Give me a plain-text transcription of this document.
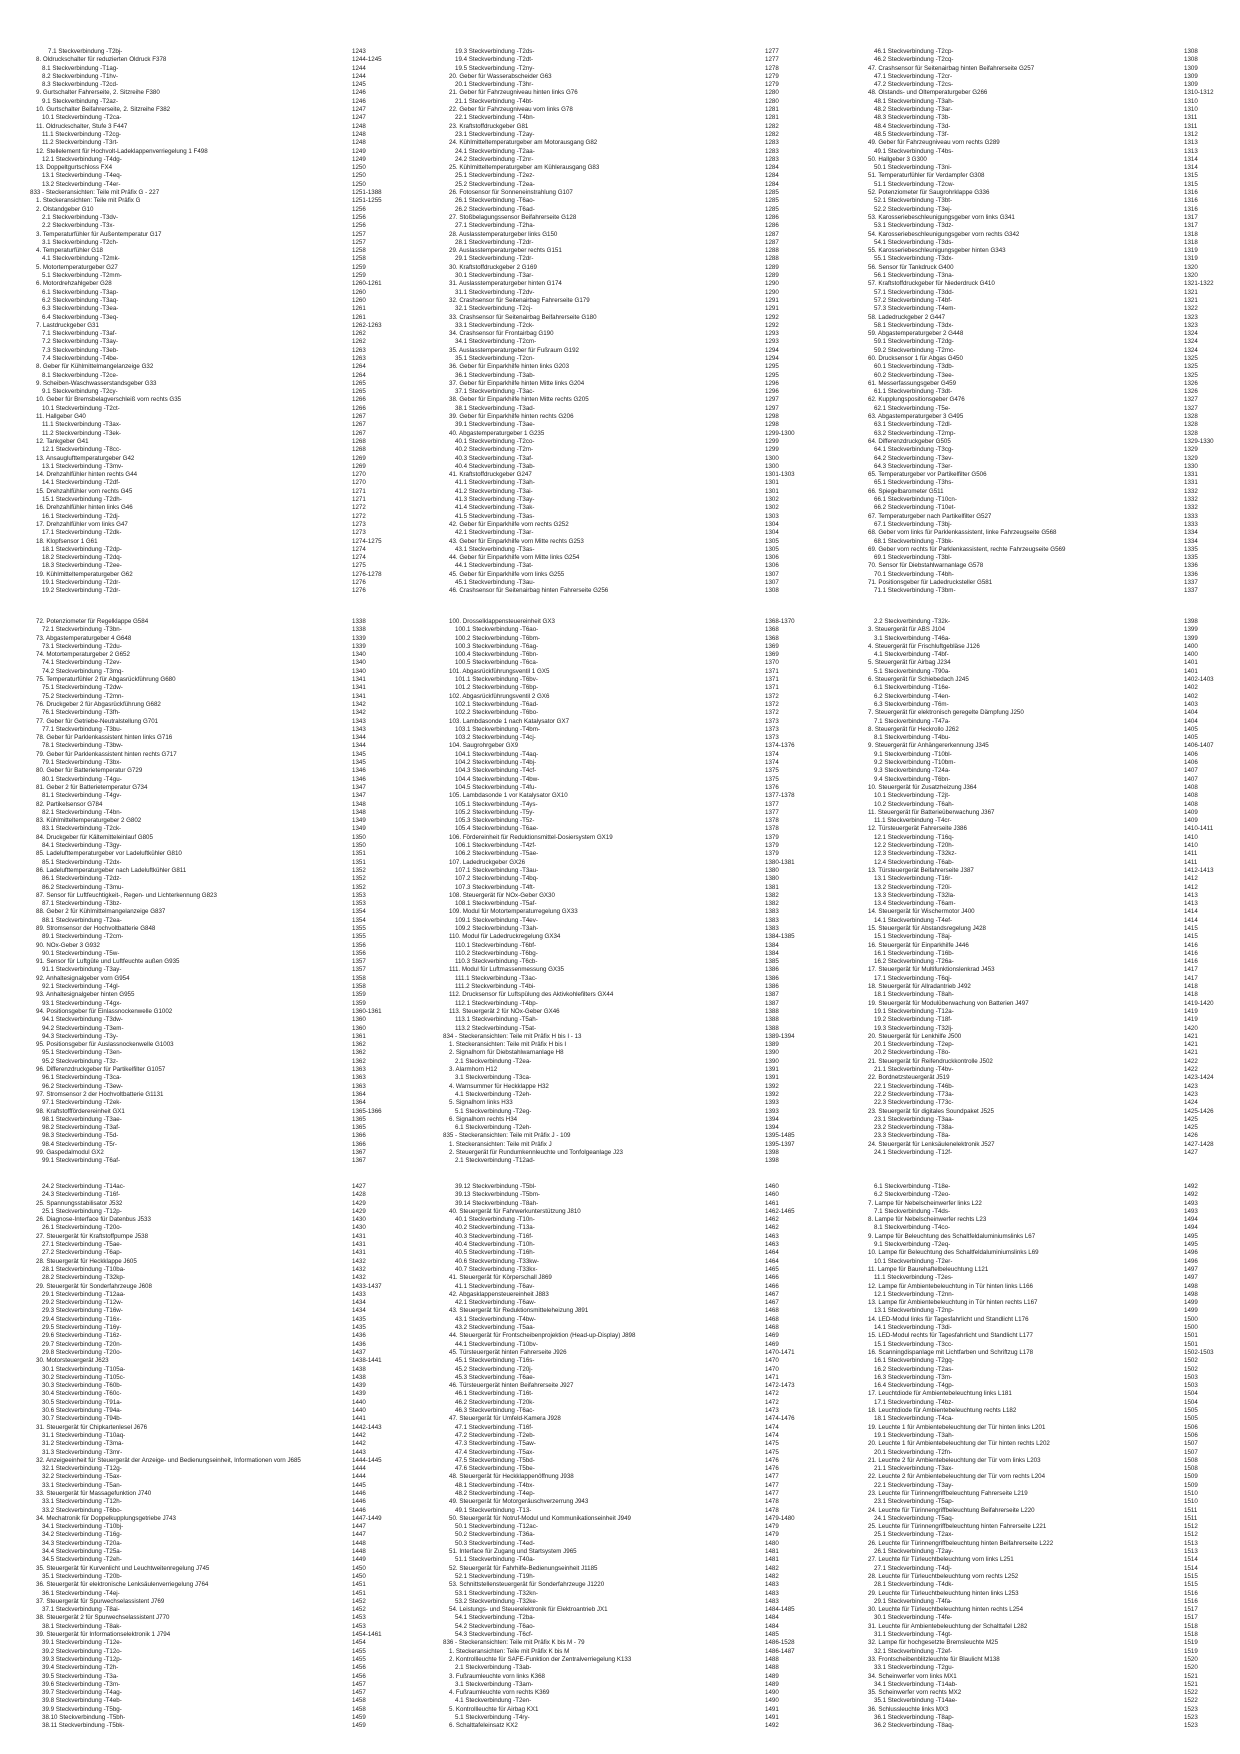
7.1 Steckverbindung -T2bj-	1243
8. Öldruckschalter für reduzierten Öldruck F378	1244-1245
8.1 Steckverbindung -T1ag-	1244
8.2 Steckverbindung -T1hv-	1244
8.3 Steckverbindung -T2cd-	1245
9. Gurtschalter Fahrerseite, 2. Sitzreihe F380	1246
9.1 Steckverbindung -T2az-	1246
10. Gurtschalter Beifahrerseite, 2. Sitzreihe F382	1247
10.1 Steckverbindung -T2ca-	1247
11. Öldruckschalter, Stufe 3 F447	1248
11.1 Steckverbindung -T2cg-	1248
11.2 Steckverbindung -T3rt-	1248
12. Stellelement für Hochvolt-Ladeklappenverriegelung 1 F498	1249
12.1 Steckverbindung -T4dg-	1249
13. Doppeltgurtschloss FX4	1250
13.1 Steckverbindung -T4eq-	1250
13.2 Steckverbindung -T4er-	1250
833 - Steckeransichten: Teile mit Präfix G - 227	1251-1388
1. Steckeransichten: Teile mit Präfix G	1251-1255
2. Ölstandgeber G10	1256
2.1 Steckverbindung -T3dv-	1256
2.2 Steckverbindung -T3x-	1256
3. Temperaturfühler für Außentemperatur G17	1257
3.1 Steckverbindung -T2ch-	1257
4. Temperaturfühler G18	1258
4.1 Steckverbindung -T2mk-	1258
5. Motortemperaturgeber G27	1259
5.1 Steckverbindung -T2mm-	1259
6. Motordrehzahlgeber G28	1260-1261
6.1 Steckverbindung -T3ap-	1260
6.2 Steckverbindung -T3aq-	1260
6.3 Steckverbindung -T3ea-	1261
6.4 Steckverbindung -T3eq-	1261
7. Lastdruckgeber G31	1262-1263
7.1 Steckverbindung -T3af-	1262
7.2 Steckverbindung -T3ay-	1262
7.3 Steckverbindung -T3eb-	1263
7.4 Steckverbindung -T4be-	1263
8. Geber für Kühlmittelmangelanzeige G32	1264
8.1 Steckverbindung -T2ce-	1264
9. Scheiben-Waschwasserstandsgeber G33	1265
9.1 Steckverbindung -T2cy-	1265
10. Geber für Bremsbelagverschleiß vorn rechts G35	1266
10.1 Steckverbindung -T2ct-	1266
11. Hallgeber G40	1267
11.1 Steckverbindung -T3ax-	1267
11.2 Steckverbindung -T3ek-	1267
12. Tankgeber G41	1268
12.1 Steckverbindung -T8cc-	1268
13. Ansauglufttemperaturgeber G42	1269
13.1 Steckverbindung -T3mv-	1269
14. Drehzahlfühler hinten rechts G44	1270
14.1 Steckverbindung -T2df-	1270
15. Drehzahlfühler vorn rechts G45	1271
15.1 Steckverbindung -T2dh-	1271
16. Drehzahlfühler hinten links G46	1272
16.1 Steckverbindung -T2dj-	1272
17. Drehzahlfühler vorn links G47	1273
17.1 Steckverbindung -T2dk-	1273
18. Klopfsensor 1 G61	1274-1275
18.1 Steckverbindung -T2dp-	1274
18.2 Steckverbindung -T2dq-	1274
18.3 Steckverbindung -T2ee-	1275
19. Kühlmitteltemperaturgeber G62	1276-1278
19.1 Steckverbindung -T2dr-	1276
19.2 Steckverbindung -T2dr-	1276
19.3 Steckverbindung -T2ds-	1277
19.4 Steckverbindung -T2dt-	1277
19.5 Steckverbindung -T2ny-	1278
20. Geber für Wasserabscheider G63	1279
20.1 Steckverbindung -T3hr-	1279
21. Geber für Fahrzeugniveau hinten links G76	1280
21.1 Steckverbindung -T4bt-	1280
22. Geber für Fahrzeugniveau vorn links G78	1281
22.1 Steckverbindung -T4bn-	1281
23. Kraftstoffdruckgeber G81	1282
23.1 Steckverbindung -T2ay-	1282
24. Kühlmitteltemperaturgeber am Motorausgang G82	1283
24.1 Steckverbindung -T2aa-	1283
24.2 Steckverbindung -T2nr-	1283
25. Kühlmitteltemperaturgeber am Kühlerausgang G83	1284
25.1 Steckverbindung -T2ez-	1284
25.2 Steckverbindung -T2ea-	1284
26. Fotosensor für Sonneneinstrahlung G107	1285
26.1 Steckverbindung -T6ao-	1285
26.2 Steckverbindung -T6ad-	1285
27. Stoßbelagungssensor Beifahrerseite G128	1286
27.1 Steckverbindung -T2ha-	1286
28. Auslasstemperaturgeber links G150	1287
28.1 Steckverbindung -T2dr-	1287
29. Auslasstemperaturgeber rechts G151	1288
29.1 Steckverbindung -T2dr-	1288
30. Kraftstoffdruckgeber 2 G169	1289
30.1 Steckverbindung -T3ar-	1289
31. Auslasstemperaturgeber hinten G174	1290
31.1 Steckverbindung -T2dv-	1290
32. Crashsensor für Seitenairbag Fahrerseite G179	1291
32.1 Steckverbindung -T2cj-	1291
33. Crashsensor für Seitenairbag Beifahrerseite G180	1292
33.1 Steckverbindung -T2ck-	1292
34. Crashsensor für Frontairbag G190	1293
34.1 Steckverbindung -T2cm-	1293
35. Auslasstemperaturgeber für Fußraum G192	1294
35.1 Steckverbindung -T2cn-	1294
36. Geber für Einparkhilfe hinten links G203	1295
36.1 Steckverbindung -T3ab-	1295
37. Geber für Einparkhilfe hinten Mitte links G204	1296
37.1 Steckverbindung -T3ac-	1296
38. Geber für Einparkhilfe hinten Mitte rechts G205	1297
38.1 Steckverbindung -T3ad-	1297
39. Geber für Einparkhilfe hinten rechts G206	1298
39.1 Steckverbindung -T3ae-	1298
40. Abgastemperaturgeber 1 G235	1299-1300
40.1 Steckverbindung -T2co-	1299
40.2 Steckverbindung -T2m-	1299
40.3 Steckverbindung -T3af-	1300
40.4 Steckverbindung -T3ab-	1300
41. Kraftstoffdruckgeber G247	1301-1303
41.1 Steckverbindung -T3ah-	1301
41.2 Steckverbindung -T3ai-	1301
41.3 Steckverbindung -T3ay-	1302
41.4 Steckverbindung -T3ak-	1302
41.5 Steckverbindung -T3as-	1303
42. Geber für Einparkhilfe vorn rechts G252	1304
42.1 Steckverbindung -T3ar-	1304
43. Geber für Einparkhilfe vorn Mitte rechts G253	1305
43.1 Steckverbindung -T3as-	1305
44. Geber für Einparkhilfe vorn Mitte links G254	1306
44.1 Steckverbindung -T3at-	1306
45. Geber für Einparkhilfe vorn links G255	1307
45.1 Steckverbindung -T3au-	1307
46. Crashsensor für Seitenairbag hinten Fahrerseite G256	1308
46.1 Steckverbindung -T2cp-	1308
46.2 Steckverbindung -T2cq-	1308
47. Crashsensor für Seitenairbag hinten Beifahrerseite G257	1309
47.1 Steckverbindung -T2cr-	1309
47.2 Steckverbindung -T2cs-	1309
48. Ölstands- und Öltemperaturgeber G266	1310-1312
48.1 Steckverbindung -T3ah-	1310
48.2 Steckverbindung -T3ar-	1310
48.3 Steckverbindung -T3b-	1311
48.4 Steckverbindung -T3d-	1311
48.5 Steckverbindung -T3f-	1312
49. Geber für Fahrzeugniveau vorn rechts G289	1313
49.1 Steckverbindung -T4bs-	1313
50. Hallgeber 3 G300	1314
50.1 Steckverbindung -T3ni-	1314
51. Temperaturfühler für Verdampfer G308	1315
51.1 Steckverbindung -T2cw-	1315
52. Potenziometer für Saugrohrklappe G336	1316
52.1 Steckverbindung -T3bt-	1316
52.2 Steckverbindung -T3ej-	1316
53. Karosseriebeschleunigungsgeber vorn links G341	1317
53.1 Steckverbindung -T3dz-	1317
54. Karosseriebeschleunigungsgeber vorn rechts G342	1318
54.1 Steckverbindung -T3ds-	1318
55. Karosseriebeschleunigungsgeber hinten G343	1319
55.1 Steckverbindung -T3dx-	1319
56. Sensor für Tankdruck G400	1320
56.1 Steckverbindung -T3na-	1320
57. Kraftstoffdruckgeber für Niederdruck G410	1321-1322
57.1 Steckverbindung -T3dd-	1321
57.2 Steckverbindung -T4bf-	1321
57.3 Steckverbindung -T4em-	1322
58. Ladedruckgeber 2 G447	1323
58.1 Steckverbindung -T3dx-	1323
59. Abgastemperaturgeber 2 G448	1324
59.1 Steckverbindung -T2dg-	1324
59.2 Steckverbindung -T2mc-	1324
60. Drucksensor 1 für Abgas G450	1325
60.1 Steckverbindung -T3db-	1325
60.2 Steckverbindung -T3ee-	1325
61. Messerfassungsgeber G459	1326
61.1 Steckverbindung -T3dt-	1326
62. Kupplungspositionsgeber G476	1327
62.1 Steckverbindung -T5e-	1327
63. Abgastemperaturgeber 3 G495	1328
63.1 Steckverbindung -T2dl-	1328
63.2 Steckverbindung -T2mp-	1328
64. Differenzdruckgeber G505	1329-1330
64.1 Steckverbindung -T3cg-	1329
64.2 Steckverbindung -T3ev-	1329
64.3 Steckverbindung -T3er-	1330
65. Temperaturgeber vor Partikelfilter G506	1331
65.1 Steckverbindung -T3hs-	1331
66. Spiegelbarometer G511	1332
66.1 Steckverbindung -T10cn-	1332
66.2 Steckverbindung -T10et-	1332
67. Temperaturgeber nach Partikelfilter G527	1333
67.1 Steckverbindung -T3bj-	1333
68. Geber vorn links für Parklenkassistent, linke Fahrzeugseite G568	1334
68.1 Steckverbindung -T3bk-	1334
69. Geber vorn rechts für Parklenkassistent, rechte Fahrzeugseite G569	1335
69.1 Steckverbindung -T3bl-	1335
70. Sensor für Diebstahlwarnanlage G578	1336
70.1 Steckverbindung -T4bh-	1336
71. Positionsgeber für Ladedrucksteller G581	1337
71.1 Steckverbindung -T3bm-	1337
72. Potenziometer für Regelklappe G584	1338
72.1 Steckverbindung -T3bn-	1338
73. Abgastemperaturgeber 4 G648	1339
73.1 Steckverbindung -T2du-	1339
74. Motortemperaturgeber 2 G652	1340
74.1 Steckverbindung -T2ev-	1340
74.2 Steckverbindung -T3mq-	1340
75. Temperaturfühler 2 für Abgasrückführung G680	1341
75.1 Steckverbindung -T2dw-	1341
75.2 Steckverbindung -T2mn-	1341
76. Druckgeber 2 für Abgasrückführung G682	1342
76.1 Steckverbindung -T3fh-	1342
77. Geber für Getriebe-Neutralstellung G701	1343
77.1 Steckverbindung -T3bu-	1343
78. Geber für Parklenkassistent hinten links G716	1344
78.1 Steckverbindung -T3bw-	1344
79. Geber für Parklenkassistent hinten rechts G717	1345
79.1 Steckverbindung -T3bx-	1345
80. Geber für Batterietemperatur G729	1346
80.1 Steckverbindung -T4gu-	1346
81. Geber 2 für Batterietemperatur G734	1347
81.1 Steckverbindung -T4gv-	1347
82. Partikelsensor G784	1348
82.1 Steckverbindung -T4bn-	1348
83. Kühlmitteltemperaturgeber 2 G802	1349
83.1 Steckverbindung -T2ck-	1349
84. Druckgeber für Kältemitteleinlauf G805	1350
84.1 Steckverbindung -T3gy-	1350
85. Ladelufttemperaturgeber vor Ladeluftkühler G810	1351
85.1 Steckverbindung -T2dx-	1351
86. Ladelufttemperaturgeber nach Ladeluftkühler G811	1352
86.1 Steckverbindung -T2dz-	1352
86.2 Steckverbindung -T3mu-	1352
87. Sensor für Luftfeuchtigkeit-, Regen- und Lichterkennung G823	1353
87.1 Steckverbindung -T3bz-	1353
88. Geber 2 für Kühlmittelmangelanzeige G837	1354
88.1 Steckverbindung -T2ea-	1354
89. Stromsensor der Hochvoltbatterie G848	1355
89.1 Steckverbindung -T2cm-	1355
90. NOx-Geber 3 G932	1356
90.1 Steckverbindung -T5w-	1356
91. Sensor für Luftgüte und Luftfeuchte außen G935	1357
91.1 Steckverbindung -T3ay-	1357
92. Anhaltesignalgeber vorn G954	1358
92.1 Steckverbindung -T4gl-	1358
93. Anhaltesignalgeber hinten G955	1359
93.1 Steckverbindung -T4gx-	1359
94. Positionsgeber für Einlassnockenwelle G1002	1360-1361
94.1 Steckverbindung -T3dw-	1360
94.2 Steckverbindung -T3em-	1360
94.3 Steckverbindung -T3y-	1361
95. Positionsgeber für Auslassnockenwelle G1003	1362
95.1 Steckverbindung -T3en-	1362
95.2 Steckverbindung -T3z-	1362
96. Differenzdruckgeber für Partikelfilter G1057	1363
96.1 Steckverbindung -T3ca-	1363
96.2 Steckverbindung -T3ew-	1363
97. Stromsensor 2 der Hochvoltbatterie G1131	1364
97.1 Steckverbindung -T2ek-	1364
98. Kraftstoffförderereinheit GX1	1365-1366
98.1 Steckverbindung -T3ae-	1365
98.2 Steckverbindung -T3af-	1365
98.3 Steckverbindung -T5d-	1366
98.4 Steckverbindung -T5r-	1366
99. Gaspedalmodul GX2	1367
99.1 Steckverbindung -T6af-	1367
100. Drosselklappensteuereinheit GX3	1368-1370
100.1 Steckverbindung -T6ao-	1368
100.2 Steckverbindung -T6bm-	1368
100.3 Steckverbindung -T6ag-	1369
100.4 Steckverbindung -T6bn-	1369
100.5 Steckverbindung -T6ca-	1370
101. Abgasrückführungsventil 1 GX5	1371
101.1 Steckverbindung -T6bv-	1371
101.2 Steckverbindung -T6bp-	1371
102. Abgasrückführungsventil 2 GX6	1372
102.1 Steckverbindung -T6ad-	1372
102.2 Steckverbindung -T6bo-	1372
103. Lambdasonde 1 nach Katalysator GX7	1373
103.1 Steckverbindung -T4bm-	1373
103.2 Steckverbindung -T4cj-	1373
104. Saugrohrgeber GX9	1374-1376
104.1 Steckverbindung -T4aq-	1374
104.2 Steckverbindung -T4bj-	1374
104.3 Steckverbindung -T4cf-	1375
104.4 Steckverbindung -T4bw-	1375
104.5 Steckverbindung -T4fu-	1376
105. Lambdasonde 1 vor Katalysator GX10	1377-1378
105.1 Steckverbindung -T4ys-	1377
105.2 Steckverbindung -T5y-	1377
105.3 Steckverbindung -T5z-	1378
105.4 Steckverbindung -T6ae-	1378
106. Fördereinheit für Reduktionsmittel-Dosiersystem GX19	1379
106.1 Steckverbindung -T4zf-	1379
106.2 Steckverbindung -T5ae-	1379
107. Ladedruckgeber GX26	1380-1381
107.1 Steckverbindung -T3au-	1380
107.2 Steckverbindung -T4bq-	1380
107.3 Steckverbindung -T4ft-	1381
108. Steuergerät für NOx-Geber GX30	1382
108.1 Steckverbindung -T5af-	1382
109. Modul für Motortemperaturregelung GX33	1383
109.1 Steckverbindung -T4ev-	1383
109.2 Steckverbindung -T3ah-	1383
110. Modul für Ladedruckregelung GX34	1384-1385
110.1 Steckverbindung -T6bf-	1384
110.2 Steckverbindung -T6bg-	1384
110.3 Steckverbindung -T6cb-	1385
111. Modul für Luftmassenmessung GX35	1386
111.1 Steckverbindung -T3ac-	1386
111.2 Steckverbindung -T4bi-	1386
112. Drucksensor für Luftspülung des Aktivkohlefilters GX44	1387
112.1 Steckverbindung -T4bp-	1387
113. Steuergerät 2 für NOx-Geber GX46	1388
113.1 Steckverbindung -T5ah-	1388
113.2 Steckverbindung -T5at-	1388
834 - Steckeransichten: Teile mit Präfix H bis I - 13	1389-1394
1. Steckeransichten: Teile mit Präfix H bis I	1389
2. Signalhorn für Diebstahlwarnanlage H8	1390
2.1 Steckverbindung -T2ea-	1390
3. Alarmhorn H12	1391
3.1 Steckverbindung -T3ca-	1391
4. Warnsummer für Heckklappe H32	1392
4.1 Steckverbindung -T2eh-	1392
5. Signalhorn links H33	1393
5.1 Steckverbindung -T2eg-	1393
6. Signalhorn rechts H34	1394
6.1 Steckverbindung -T2eh-	1394
835 - Steckeransichten: Teile mit Präfix J - 109	1395-1485
1. Steckeransichten: Teile mit Präfix J	1395-1397
2. Steuergerät für Rundumkennleuchte und Tonfolgeanlage J23	1398
2.1 Steckverbindung -T12ad-	1398
2.2 Steckverbindung -T32k-	1398
3. Steuergerät für ABS J104	1399
3.1 Steckverbindung -T46a-	1399
4. Steuergerät für Frischluftgebläse J126	1400
4.1 Steckverbindung -T4bf-	1400
5. Steuergerät für Airbag J234	1401
5.1 Steckverbindung -T90a-	1401
6. Steuergerät für Schiebedach J245	1402-1403
6.1 Steckverbindung -T16e-	1402
6.2 Steckverbindung -T4en-	1402
6.3 Steckverbindung -T6m-	1403
7. Steuergerät für elektronisch geregelte Dämpfung J250	1404
7.1 Steckverbindung -T47a-	1404
8. Steuergerät für Heckrollo J262	1405
8.1 Steckverbindung -T4bu-	1405
9. Steuergerät für Anhängererkennung J345	1406-1407
9.1 Steckverbindung -T10bl-	1406
9.2 Steckverbindung -T10bm-	1406
9.3 Steckverbindung -T24a-	1407
9.4 Steckverbindung -T6bn-	1407
10. Steuergerät für Zusatzheizung J364	1408
10.1 Steckverbindung -T2jt-	1408
10.2 Steckverbindung -T6ah-	1408
11. Steuergerät für Batterieüberwachung J367	1409
11.1 Steckverbindung -T4cr-	1409
12. Türsteuergerät Fahrerseite J386	1410-1411
12.1 Steckverbindung -T16q-	1410
12.2 Steckverbindung -T20h-	1410
12.3 Steckverbindung -T32kz-	1411
12.4 Steckverbindung -T6ab-	1411
13. Türsteuergerät Beifahrerseite J387	1412-1413
13.1 Steckverbindung -T16r-	1412
13.2 Steckverbindung -T20i-	1412
13.3 Steckverbindung -T32la-	1413
13.4 Steckverbindung -T6am-	1413
14. Steuergerät für Wischermotor J400	1414
14.1 Steckverbindung -T4ef-	1414
15. Steuergerät für Abstandsregelung J428	1415
15.1 Steckverbindung -T8aj-	1415
16. Steuergerät für Einparkhilfe J446	1416
16.1 Steckverbindung -T16b-	1416
16.2 Steckverbindung -T26a-	1416
17. Steuergerät für Multifunktionslenkrad J453	1417
17.1 Steckverbindung -T6qj-	1417
18. Steuergerät für Allradantrieb J492	1418
18.1 Steckverbindung -T8ah-	1418
19. Steuergerät für Modulüberwachung von Batterien J497	1419-1420
19.1 Steckverbindung -T12a-	1419
19.2 Steckverbindung -T18f-	1419
19.3 Steckverbindung -T32lj-	1420
20. Steuergerät für Lenkhilfe J500	1421
20.1 Steckverbindung -T2ep-	1421
20.2 Steckverbindung -T8o-	1421
21. Steuergerät für Reifendruckkontrolle J502	1422
21.1 Steckverbindung -T4bv-	1422
22. Bordnetzsteuergerät J519	1423-1424
22.1 Steckverbindung -T46b-	1423
22.2 Steckverbindung -T73a-	1423
22.3 Steckverbindung -T73c-	1424
23. Steuergerät für digitales Soundpaket J525	1425-1426
23.1 Steckverbindung -T3aa-	1425
23.2 Steckverbindung -T38a-	1425
23.3 Steckverbindung -T8a-	1426
24. Steuergerät für Lenksäulenelektronik J527	1427-1428
24.1 Steckverbindung -T12f-	1427
24.2 Steckverbindung -T14ac-	1427
24.3 Steckverbindung -T16f-	1428
25. Spannungsstabilisator J532	1429
25.1 Steckverbindung -T12p-	1429
26. Diagnose-Interface für Datenbus J533	1430
26.1 Steckverbindung -T20o-	1430
27. Steuergerät für Kraftstoffpumpe J538	1431
27.1 Steckverbindung -T5ae-	1431
27.2 Steckverbindung -T6ap-	1431
28. Steuergerät für Heckklappe J605	1432
28.1 Steckverbindung -T10ba-	1432
28.2 Steckverbindung -T32kp-	1432
29. Steuergerät für Sonderfahrzeuge J608	1433-1437
29.1 Steckverbindung -T12aa-	1433
29.2 Steckverbindung -T12w-	1434
29.3 Steckverbindung -T16w-	1434
29.4 Steckverbindung -T16x-	1435
29.5 Steckverbindung -T16y-	1435
29.6 Steckverbindung -T16z-	1436
29.7 Steckverbindung -T20n-	1436
29.8 Steckverbindung -T20o-	1437
30. Motorsteuergerät J623	1438-1441
30.1 Steckverbindung -T105a-	1438
30.2 Steckverbindung -T105c-	1438
30.3 Steckverbindung -T60b-	1439
30.4 Steckverbindung -T60c-	1439
30.5 Steckverbindung -T91a-	1440
30.6 Steckverbindung -T94a-	1440
30.7 Steckverbindung -T94b-	1441
31. Steuergerät für Chipkartenlesel J676	1442-1443
31.1 Steckverbindung -T10aq-	1442
31.2 Steckverbindung -T3ma-	1442
31.3 Steckverbindung -T3mr-	1443
32. Anzeigeeinheit für Steuergerät der Anzeige- und Bedienungseinheit, Informationen vorn J685	1444-1445
32.1 Steckverbindung -T12g-	1444
32.2 Steckverbindung -T5ax-	1444
33.1 Steckverbindung -T5an-	1445
33. Steuergerät für Massagefunktion J740	1446
33.1 Steckverbindung -T12h-	1446
33.2 Steckverbindung -T6bo-	1446
34. Mechatronik für Doppelkupplungsgetriebe J743	1447-1449
34.1 Steckverbindung -T10bj-	1447
34.2 Steckverbindung -T16g-	1447
34.3 Steckverbindung -T20a-	1448
34.4 Steckverbindung -T25a-	1448
34.5 Steckverbindung -T2eh-	1449
35. Steuergerät für Kurvenlicht und Leuchtweitenregelung J745	1450
35.1 Steckverbindung -T20b-	1450
36. Steuergerät für elektronische Lenksäulenverriegelung J764	1451
36.1 Steckverbindung -T4ej-	1451
37. Steuergerät für Spurwechselassistent J769	1452
37.1 Steckverbindung -T8ai-	1452
38. Steuergerät 2 für Spurwechselassistent J770	1453
38.1 Steckverbindung -T8ak-	1453
39. Steuergerät für Informationselektronik 1 J794	1454-1461
39.1 Steckverbindung -T12e-	1454
39.2 Steckverbindung -T12o-	1455
39.3 Steckverbindung -T12p-	1455
39.4 Steckverbindung -T2h-	1456
39.5 Steckverbindung -T3a-	1456
39.6 Steckverbindung -T3m-	1457
39.7 Steckverbindung -T4ag-	1457
39.8 Steckverbindung -T4eb-	1458
39.9 Steckverbindung -T5bg-	1458
38.10 Steckverbindung -T5bh-	1459
38.11 Steckverbindung -T5bk-	1459
39.12 Steckverbindung -T5bl-	1460
39.13 Steckverbindung -T5bm-	1460
39.14 Steckverbindung -T8ah-	1461
40. Steuergerät für Fahrwerkunterstützung J810	1462-1465
40.1 Steckverbindung -T10n-	1462
40.2 Steckverbindung -T13a-	1462
40.3 Steckverbindung -T16f-	1463
40.4 Steckverbindung -T10h-	1463
40.5 Steckverbindung -T16h-	1464
40.6 Steckverbindung -T33kw-	1464
40.7 Steckverbindung -T33kx-	1465
41. Steuergerät für Körperschall J869	1466
41.1 Steckverbindung -T6av-	1466
42. Abgasklappensteuereinheit J883	1467
42.1 Steckverbindung -T6aw-	1467
43. Steuergerät für Reduktionsmitteleheizung J891	1468
43.1 Steckverbindung -T4bw-	1468
43.2 Steckverbindung -T5aa-	1468
44. Steuergerät für Frontscheibenprojektion (Head-up-Display) J898	1469
44.1 Steckverbindung -T10bv-	1469
45. Türsteuergerät hinten Fahrerseite J926	1470-1471
45.1 Steckverbindung -T16s-	1470
45.2 Steckverbindung -T20j-	1470
45.3 Steckverbindung -T6ae-	1471
46. Türsteuergerät hinten Beifahrerseite J927	1472-1473
46.1 Steckverbindung -T16t-	1472
46.2 Steckverbindung -T20k-	1472
46.3 Steckverbindung -T6ac-	1473
47. Steuergerät für Umfeld-Kamera J928	1474-1476
47.1 Steckverbindung -T16f-	1474
47.2 Steckverbindung -T2eb-	1474
47.3 Steckverbindung -T5aw-	1475
47.4 Steckverbindung -T5ax-	1475
47.5 Steckverbindung -T5bd-	1476
47.6 Steckverbindung -T5be-	1476
48. Steuergerät für Heckklappenöffnung J938	1477
48.1 Steckverbindung -T4bx-	1477
48.2 Steckverbindung -T4ep-	1477
49. Steuergerät für Motorgeräuschverzerrung J943	1478
49.1 Steckverbindung -T13-	1478
50. Steuergerät für Notruf-Modul und Kommunikationseinheit J949	1479-1480
50.1 Steckverbindung -T12ac-	1479
50.2 Steckverbindung -T36a-	1479
50.3 Steckverbindung -T4ed-	1480
51. Interface für Zugang und Startsystem J965	1481
51.1 Steckverbindung -T40a-	1481
52. Steuergerät für Fahrhilfe-Bedienungseinheit J1185	1482
52.1 Steckverbindung -T19h-	1482
53. Schnittstellensteuergerät für Sonderfahrzeuge J1220	1483
53.1 Steckverbindung -T32kn-	1483
53.2 Steckverbindung -T32ke-	1483
54. Leistungs- und Steuerelektronik für Elektroantrieb JX1	1484-1485
54.1 Steckverbindung -T2ba-	1484
54.2 Steckverbindung -T6ao-	1484
54.3 Steckverbindung -T6cf-	1485
836 - Steckeransichten: Teile mit Präfix K bis M - 79	1486-1528
1. Steckeransichten: Teile mit Präfix K bis M	1486-1487
2. Kontrollleuchte für SAFE-Funktion der Zentralverriegelung K133	1488
2.1 Steckverbindung -T3ab-	1488
3. Fußraumleuchte vorn links K368	1489
3.1 Steckverbindung -T3am-	1489
4. Fußraumleuchte vorn rechts K369	1490
4.1 Steckverbindung -T2en-	1490
5. Kontrollleuchte für Airbag KX1	1491
5.1 Steckverbindung -T4ry-	1491
6. Schalttafeleinsatz KX2	1492
6.1 Steckverbindung -T18e-	1492
6.2 Steckverbindung -T2eo-	1492
7. Lampe für Nebelscheinwerfer links L22	1493
7.1 Steckverbindung -T4ds-	1493
8. Lampe für Nebelscheinwerfer rechts L23	1494
8.1 Steckverbindung -T4co-	1494
9. Lampe für Beleuchtung des Schaltfeldaluminiumslinks L67	1495
9.1 Steckverbindung -T2eq-	1495
10. Lampe für Beleuchtung des Schaltfeldaluminiumslinks L69	1496
10.1 Steckverbindung -T2er-	1496
11. Lampe für Baurehaftelbeleuchtung L121	1497
11.1 Steckverbindung -T2es-	1497
12. Lampe für Ambientebeleuchtung in Tür hinten links L166	1498
12.1 Steckverbindung -T2nn-	1498
13. Lampe für Ambientebeleuchtung in Tür hinten rechts L167	1499
13.1 Steckverbindung -T2np-	1499
14. LED-Modul links für Tagesfahrlicht und Standlicht L176	1500
14.1 Steckverbindung -T3di-	1500
15. LED-Modul rechts für Tagesfahrlicht und Standlicht L177	1501
15.1 Steckverbindung -T3cc-	1501
16. Scanningdispanlage mit Lichtfarben und Schriftzug L178	1502-1503
16.1 Steckverbindung -T2gq-	1502
16.2 Steckverbindung -T2as-	1502
16.3 Steckverbindung -T3m-	1503
16.4 Steckverbindung -T4gp-	1503
17. Leuchtdiode für Ambientebeleuchtung links L181	1504
17.1 Steckverbindung -T4bz-	1504
18. Leuchtdiode für Ambientebeleuchtung rechts L182	1505
18.1 Steckverbindung -T4ca-	1505
19. Leuchte 1 für Ambientebeleuchtung der Tür hinten links L201	1506
19.1 Steckverbindung -T3ah-	1506
20. Leuchte 1 für Ambientebeleuchtung der Tür hinten rechts L202	1507
20.1 Steckverbindung -T2fn-	1507
21. Leuchte 2 für Ambientebeleuchtung der Tür vorn links L203	1508
21.1 Steckverbindung -T3ax-	1508
22. Leuchte 2 für Ambientebeleuchtung der Tür vorn rechts L204	1509
22.1 Steckverbindung -T3ay-	1509
23. Leuchte für Türinnengriffbeleuchtung Fahrerseite L219	1510
23.1 Steckverbindung -T5ap-	1510
24. Leuchte für Türinnengriffbeleuchtung Beifahrerseite L220	1511
24.1 Steckverbindung -T5aq-	1511
25. Leuchte für Türinnengriffbeleuchtung hinten Fahrerseite L221	1512
25.1 Steckverbindung -T2ax-	1512
26. Leuchte für Türinnengriffbeleuchtung hinten Beifahrerseite L222	1513
26.1 Steckverbindung -T2ay-	1513
27. Leuchte für Türleuchtbeleuchtung vorn links L251	1514
27.1 Steckverbindung -T4dj-	1514
28. Leuchte für Türleuchtbeleuchtung vorn rechts L252	1515
28.1 Steckverbindung -T4dk-	1515
29. Leuchte für Türleuchtbeleuchtung hinten links L253	1516
29.1 Steckverbindung -T4fa-	1516
30. Leuchte für Türleuchtbeleuchtung hinten rechts L254	1517
30.1 Steckverbindung -T4fe-	1517
31. Leuchte für Ambientebeleuchtung der Schalttafel L282	1518
31.1 Steckverbindung -T4gt-	1518
32. Lampe für hochgesetzte Bremsleuchte M25	1519
32.1 Steckverbindung -T2ef-	1519
33. Frontscheibenblitzleuchte für Blaulicht M138	1520
33.1 Steckverbindung -T2gu-	1520
34. Scheinwerfer vorn links MX1	1521
34.1 Steckverbindung -T14ab-	1521
35. Scheinwerfer vorn rechts MX2	1522
35.1 Steckverbindung -T14ae-	1522
36. Schlussleuchte links MX3	1523
36.1 Steckverbindung -T8ap-	1523
36.2 Steckverbindung -T8aq-	1523
